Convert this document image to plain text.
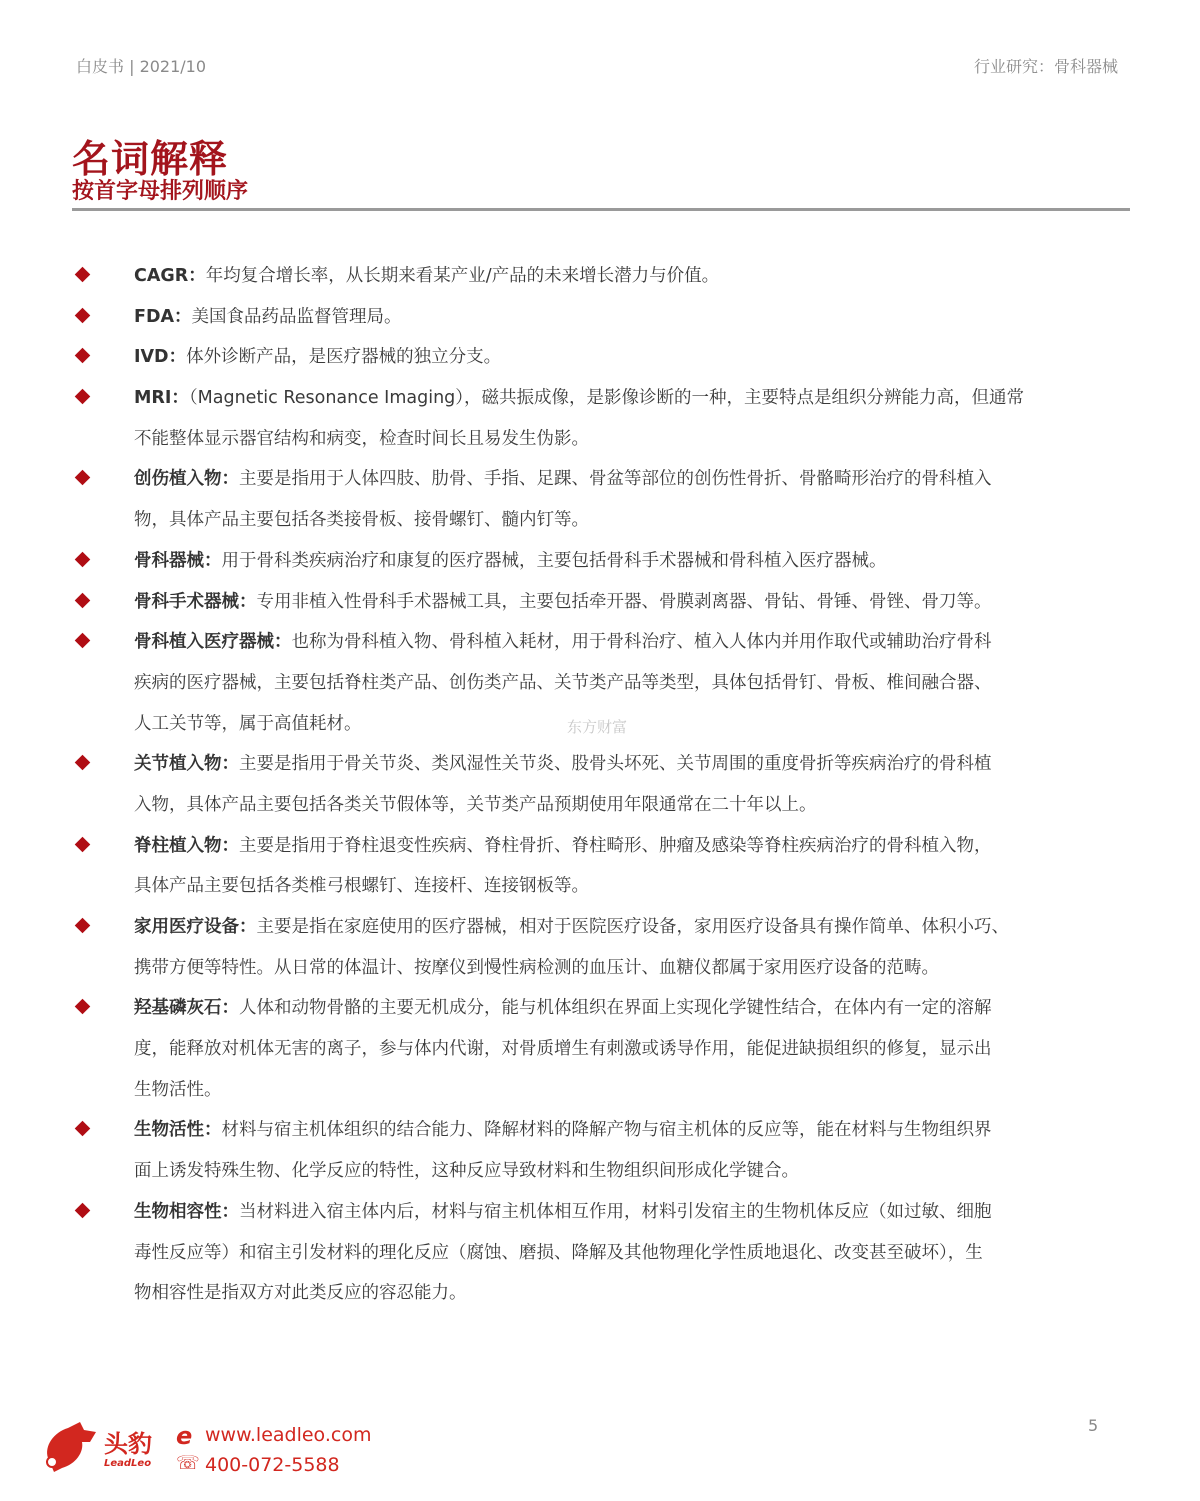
白皮书 | 2021/10	行业研究：骨科器械
名词解释
按首字母排列顺序
CAGR：年均复合增长率，从长期来看某产业/产品的未来增长潜力与价值。
FDA：美国食品药品监督管理局。
IVD：体外诊断产品，是医疗器械的独立分支。
MRI：（Magnetic Resonance Imaging），磁共振成像，是影像诊断的一种，主要特点是组织分辨能力高，但通常
不能整体显示器官结构和病变，检查时间长且易发生伪影。
创伤植入物：主要是指用于人体四肢、肋骨、手指、足踝、骨盆等部位的创伤性骨折、骨骼畸形治疗的骨科植入
物，具体产品主要包括各类接骨板、接骨螺钉、髓内钉等。
骨科器械：用于骨科类疾病治疗和康复的医疗器械，主要包括骨科手术器械和骨科植入医疗器械。
骨科手术器械：专用非植入性骨科手术器械工具，主要包括牵开器、骨膜剥离器、骨钻、骨锤、骨锉、骨刀等。
骨科植入医疗器械：也称为骨科植入物、骨科植入耗材，用于骨科治疗、植入人体内并用作取代或辅助治疗骨科
疾病的医疗器械，主要包括脊柱类产品、创伤类产品、关节类产品等类型，具体包括骨钉、骨板、椎间融合器、
人工关节等，属于高值耗材。
关节植入物：主要是指用于骨关节炎、类风湿性关节炎、股骨头坏死、关节周围的重度骨折等疾病治疗的骨科植
入物，具体产品主要包括各类关节假体等，关节类产品预期使用年限通常在二十年以上。
脊柱植入物：主要是指用于脊柱退变性疾病、脊柱骨折、脊柱畸形、肿瘤及感染等脊柱疾病治疗的骨科植入物，
具体产品主要包括各类椎弓根螺钉、连接杆、连接钢板等。
家用医疗设备：主要是指在家庭使用的医疗器械，相对于医院医疗设备，家用医疗设备具有操作简单、体积小巧、
携带方便等特性。从日常的体温计、按摩仪到慢性病检测的血压计、血糖仪都属于家用医疗设备的范畴。
羟基磷灰石：人体和动物骨骼的主要无机成分，能与机体组织在界面上实现化学键性结合，在体内有一定的溶解
度，能释放对机体无害的离子，参与体内代谢，对骨质增生有刺激或诱导作用，能促进缺损组织的修复，显示出
生物活性。
生物活性：材料与宿主机体组织的结合能力、降解材料的降解产物与宿主机体的反应等，能在材料与生物组织界
面上诱发特殊生物、化学反应的特性，这种反应导致材料和生物组织间形成化学键合。
生物相容性：当材料进入宿主体内后，材料与宿主机体相互作用，材料引发宿主的生物机体反应（如过敏、细胞
毒性反应等）和宿主引发材料的理化反应（腐蚀、磨损、降解及其他物理化学性质地退化、改变甚至破坏），生
物相容性是指双方对此类反应的容忍能力。
东方财富
头豹
LeadLeo
e www.leadleo.com
☏ 400-072-5588
5
